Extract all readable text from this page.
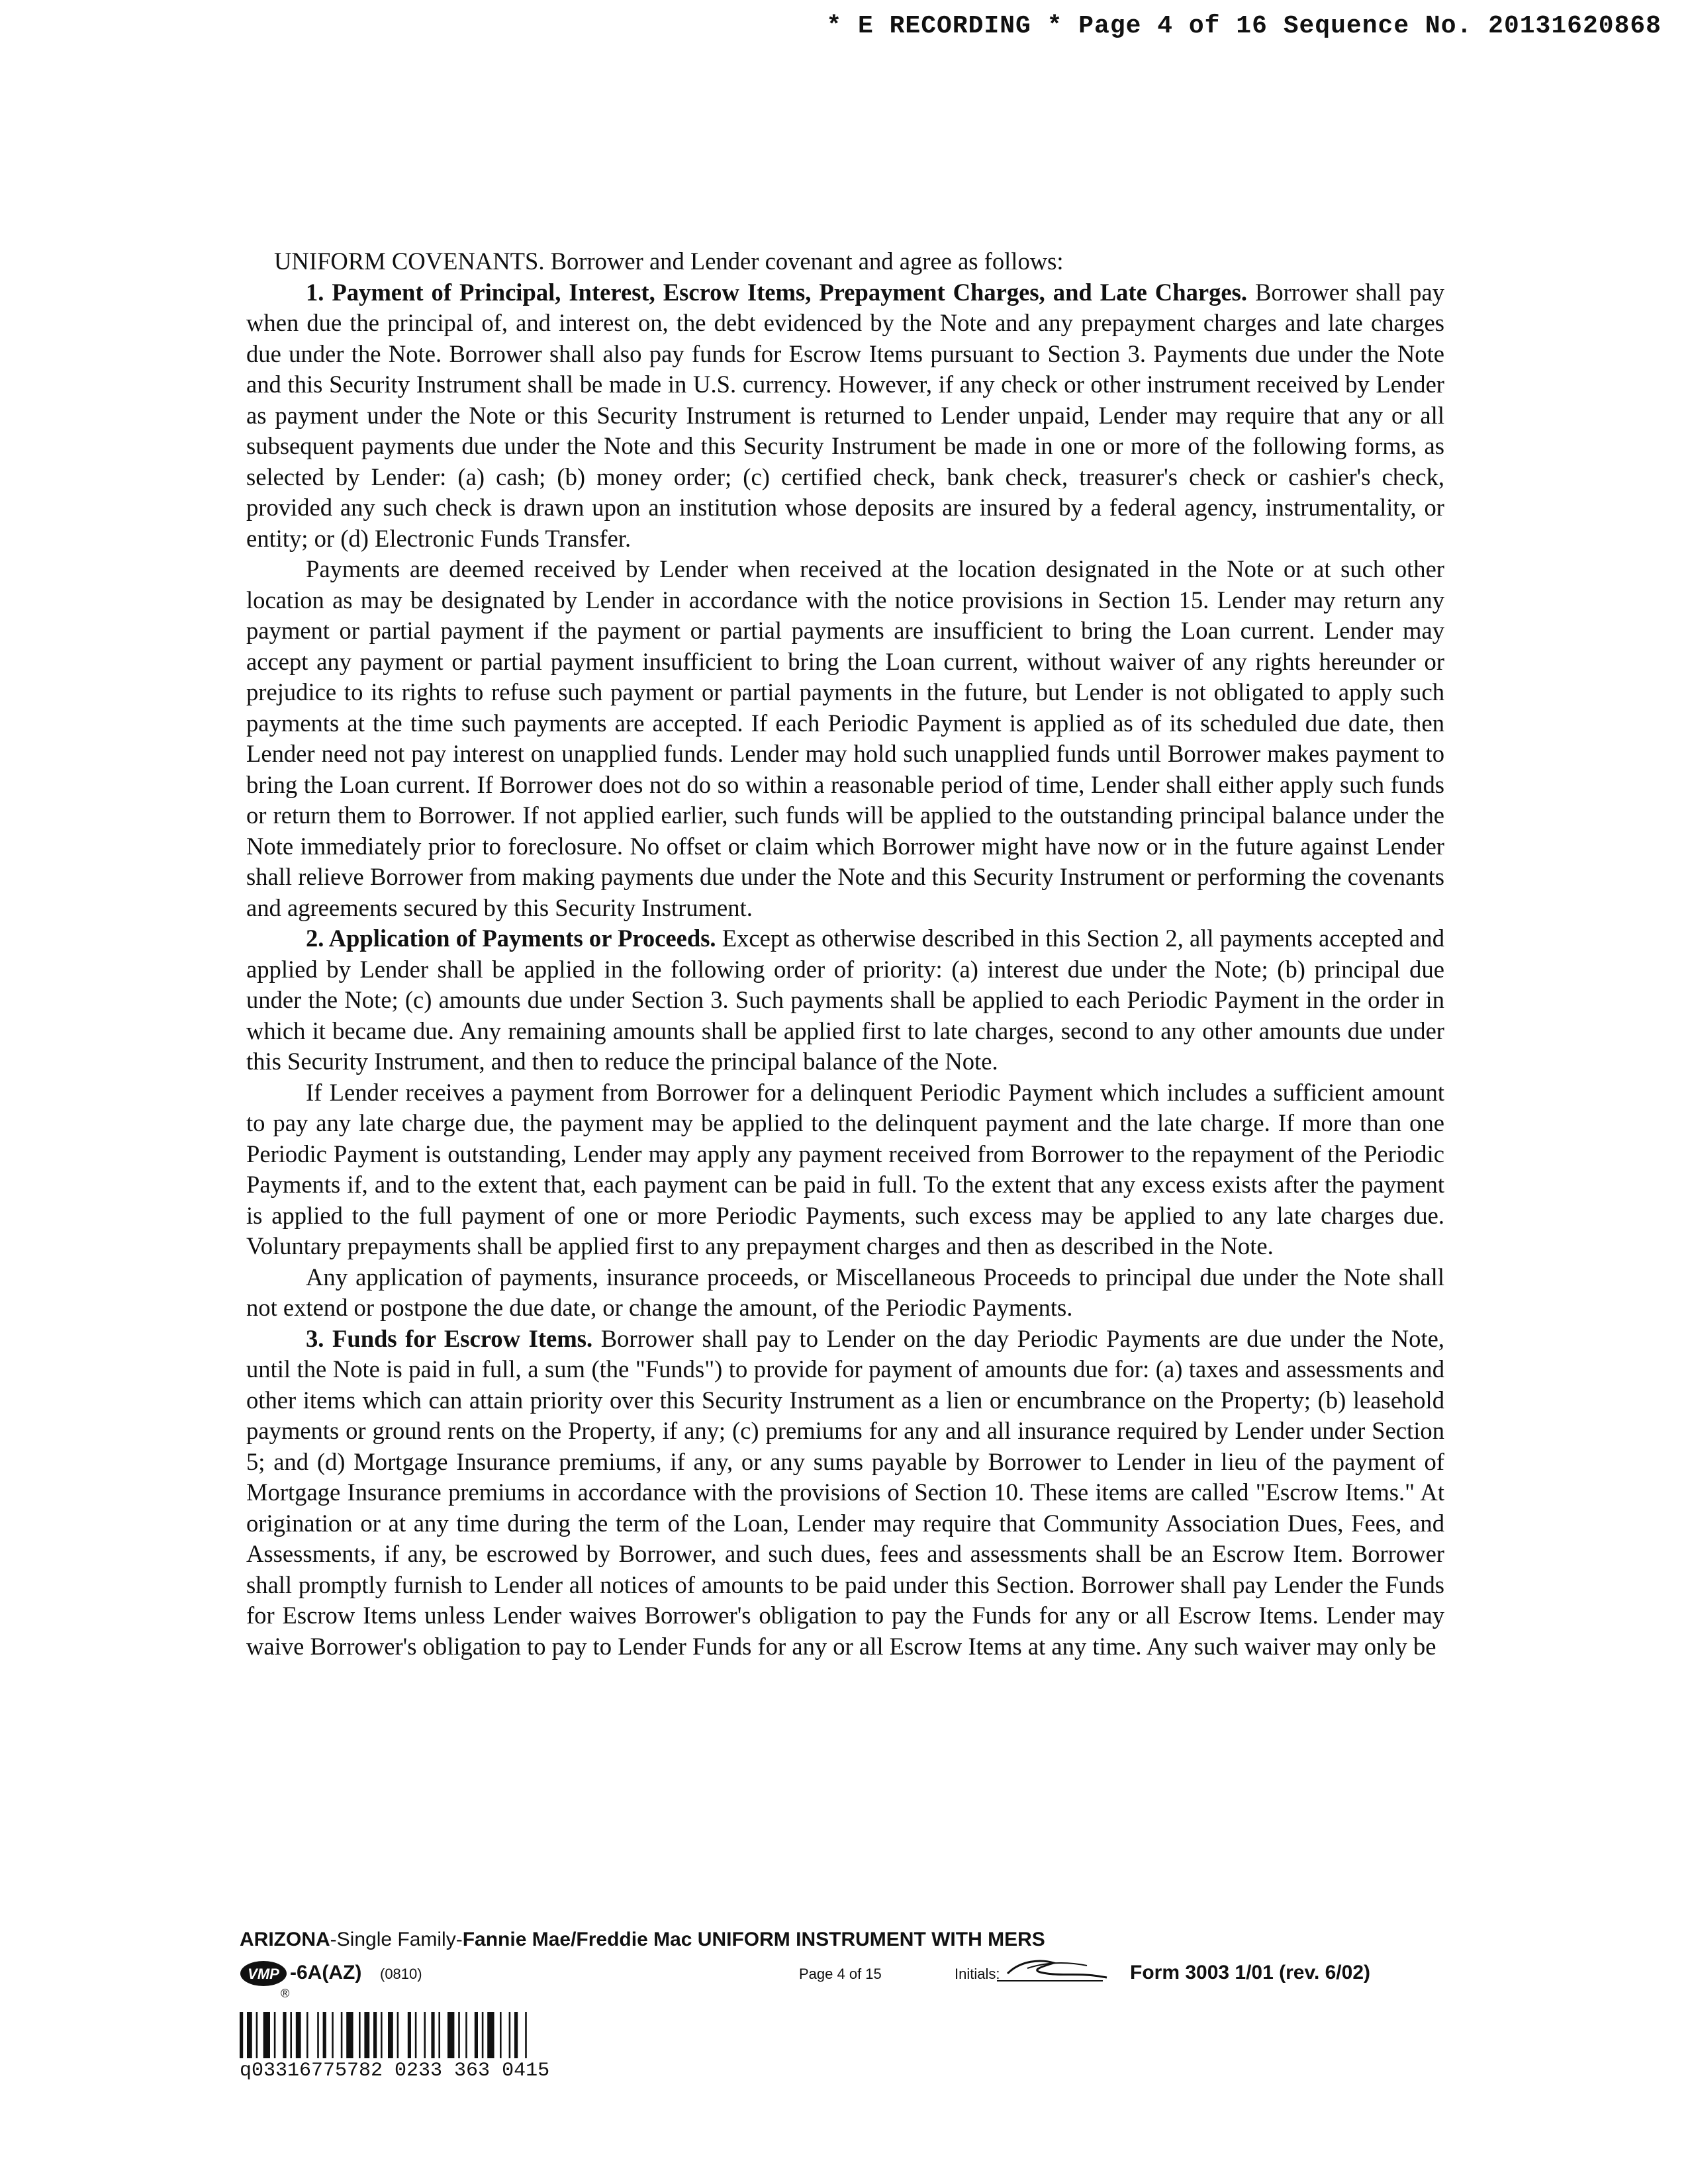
* E RECORDING * Page 4 of 16 Sequence No. 20131620868

UNIFORM COVENANTS. Borrower and Lender covenant and agree as follows:

1. Payment of Principal, Interest, Escrow Items, Prepayment Charges, and Late Charges. Borrower shall pay when due the principal of, and interest on, the debt evidenced by the Note and any prepayment charges and late charges due under the Note. Borrower shall also pay funds for Escrow Items pursuant to Section 3. Payments due under the Note and this Security Instrument shall be made in U.S. currency. However, if any check or other instrument received by Lender as payment under the Note or this Security Instrument is returned to Lender unpaid, Lender may require that any or all subsequent payments due under the Note and this Security Instrument be made in one or more of the following forms, as selected by Lender: (a) cash; (b) money order; (c) certified check, bank check, treasurer's check or cashier's check, provided any such check is drawn upon an institution whose deposits are insured by a federal agency, instrumentality, or entity; or (d) Electronic Funds Transfer.

Payments are deemed received by Lender when received at the location designated in the Note or at such other location as may be designated by Lender in accordance with the notice provisions in Section 15. Lender may return any payment or partial payment if the payment or partial payments are insufficient to bring the Loan current. Lender may accept any payment or partial payment insufficient to bring the Loan current, without waiver of any rights hereunder or prejudice to its rights to refuse such payment or partial payments in the future, but Lender is not obligated to apply such payments at the time such payments are accepted. If each Periodic Payment is applied as of its scheduled due date, then Lender need not pay interest on unapplied funds. Lender may hold such unapplied funds until Borrower makes payment to bring the Loan current. If Borrower does not do so within a reasonable period of time, Lender shall either apply such funds or return them to Borrower. If not applied earlier, such funds will be applied to the outstanding principal balance under the Note immediately prior to foreclosure. No offset or claim which Borrower might have now or in the future against Lender shall relieve Borrower from making payments due under the Note and this Security Instrument or performing the covenants and agreements secured by this Security Instrument.

2. Application of Payments or Proceeds. Except as otherwise described in this Section 2, all payments accepted and applied by Lender shall be applied in the following order of priority: (a) interest due under the Note; (b) principal due under the Note; (c) amounts due under Section 3. Such payments shall be applied to each Periodic Payment in the order in which it became due. Any remaining amounts shall be applied first to late charges, second to any other amounts due under this Security Instrument, and then to reduce the principal balance of the Note.

If Lender receives a payment from Borrower for a delinquent Periodic Payment which includes a sufficient amount to pay any late charge due, the payment may be applied to the delinquent payment and the late charge. If more than one Periodic Payment is outstanding, Lender may apply any payment received from Borrower to the repayment of the Periodic Payments if, and to the extent that, each payment can be paid in full. To the extent that any excess exists after the payment is applied to the full payment of one or more Periodic Payments, such excess may be applied to any late charges due. Voluntary prepayments shall be applied first to any prepayment charges and then as described in the Note.

Any application of payments, insurance proceeds, or Miscellaneous Proceeds to principal due under the Note shall not extend or postpone the due date, or change the amount, of the Periodic Payments.

3. Funds for Escrow Items. Borrower shall pay to Lender on the day Periodic Payments are due under the Note, until the Note is paid in full, a sum (the "Funds") to provide for payment of amounts due for: (a) taxes and assessments and other items which can attain priority over this Security Instrument as a lien or encumbrance on the Property; (b) leasehold payments or ground rents on the Property, if any; (c) premiums for any and all insurance required by Lender under Section 5; and (d) Mortgage Insurance premiums, if any, or any sums payable by Borrower to Lender in lieu of the payment of Mortgage Insurance premiums in accordance with the provisions of Section 10. These items are called "Escrow Items." At origination or at any time during the term of the Loan, Lender may require that Community Association Dues, Fees, and Assessments, if any, be escrowed by Borrower, and such dues, fees and assessments shall be an Escrow Item. Borrower shall promptly furnish to Lender all notices of amounts to be paid under this Section. Borrower shall pay Lender the Funds for Escrow Items unless Lender waives Borrower's obligation to pay the Funds for any or all Escrow Items. Lender may waive Borrower's obligation to pay to Lender Funds for any or all Escrow Items at any time. Any such waiver may only be

ARIZONA-Single Family-Fannie Mae/Freddie Mac UNIFORM INSTRUMENT WITH MERS
VMP
®
-6A(AZ) (0810)	Page 4 of 15	Initials:	Form 3003 1/01 (rev. 6/02)
q03316775782 0233 363 0415
